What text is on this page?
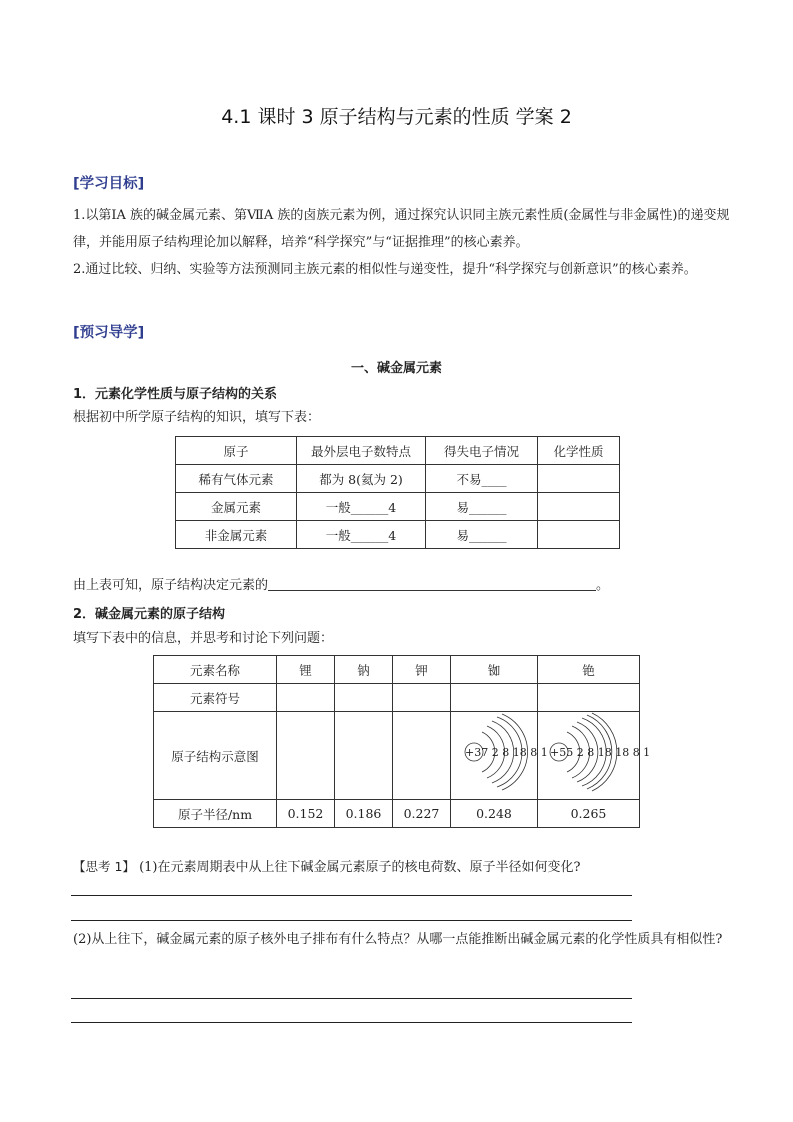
4.1 课时 3 原子结构与元素的性质 学案 2
[学习目标]
1.以第ⅠA 族的碱金属元素、第ⅦA 族的卤族元素为例，通过探究认识同主族元素性质(金属性与非金属性)的递变规律，并能用原子结构理论加以解释，培养“科学探究”与“证据推理”的核心素养。
2.通过比较、归纳、实验等方法预测同主族元素的相似性与递变性，提升“科学探究与创新意识”的核心素养。
[预习导学]
一、碱金属元素
1．元素化学性质与原子结构的关系
根据初中所学原子结构的知识，填写下表：
原子	最外层电子数特点	得失电子情况	化学性质
稀有气体元素	都为 8(氦为 2)	不易____	
金属元素	一般______4	易______	
非金属元素	一般______4	易______	
由上表可知，原子结构决定元素的	。
2．碱金属元素的原子结构
填写下表中的信息，并思考和讨论下列问题：
元素名称	锂	钠	钾	铷	铯
元素符号					
原子结构示意图				+37 2 8 18 8 1	+55 2 8 18 18 8 1

原子半径/nm	0.152	0.186	0.227	0.248	0.265
【思考 1】 (1)在元素周期表中从上往下碱金属元素原子的核电荷数、原子半径如何变化?
(2)从上往下，碱金属元素的原子核外电子排布有什么特点？从哪一点能推断出碱金属元素的化学性质具有相似性?
